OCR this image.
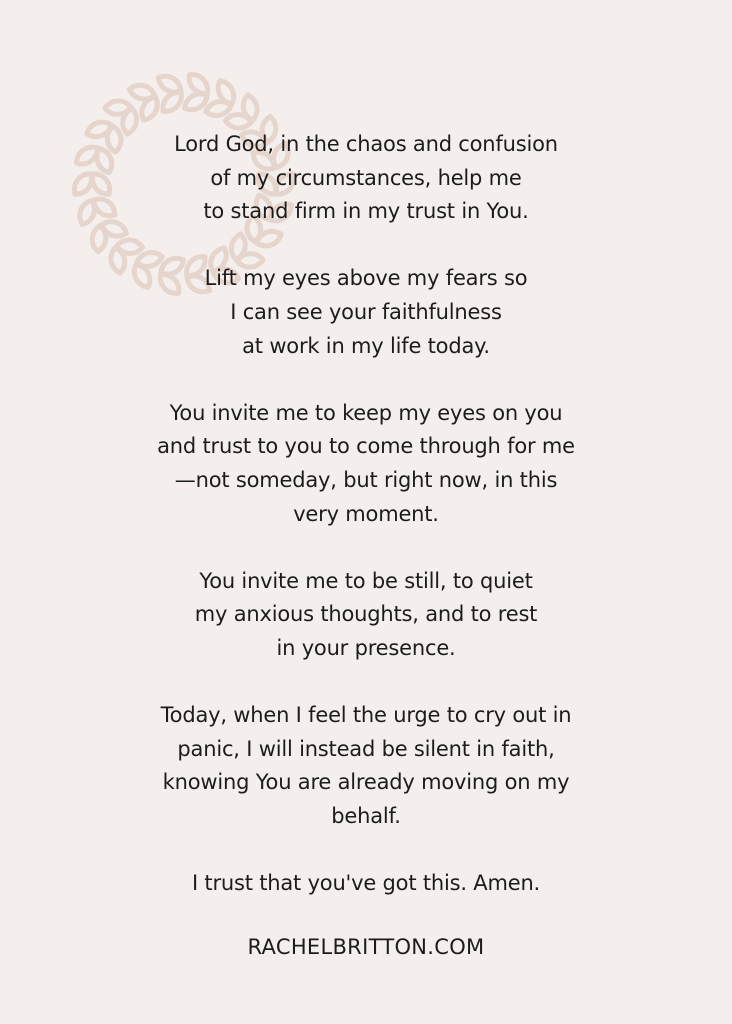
Lord God, in the chaos and confusion
of my circumstances, help me
to stand firm in my trust in You.
Lift my eyes above my fears so
I can see your faithfulness
at work in my life today.
You invite me to keep my eyes on you
and trust to you to come through for me
—not someday, but right now, in this
very moment.
You invite me to be still, to quiet
my anxious thoughts, and to rest
in your presence.
Today, when I feel the urge to cry out in
panic, I will instead be silent in faith,
knowing You are already moving on my
behalf.
I trust that you've got this. Amen.
RACHELBRITTON.COM
